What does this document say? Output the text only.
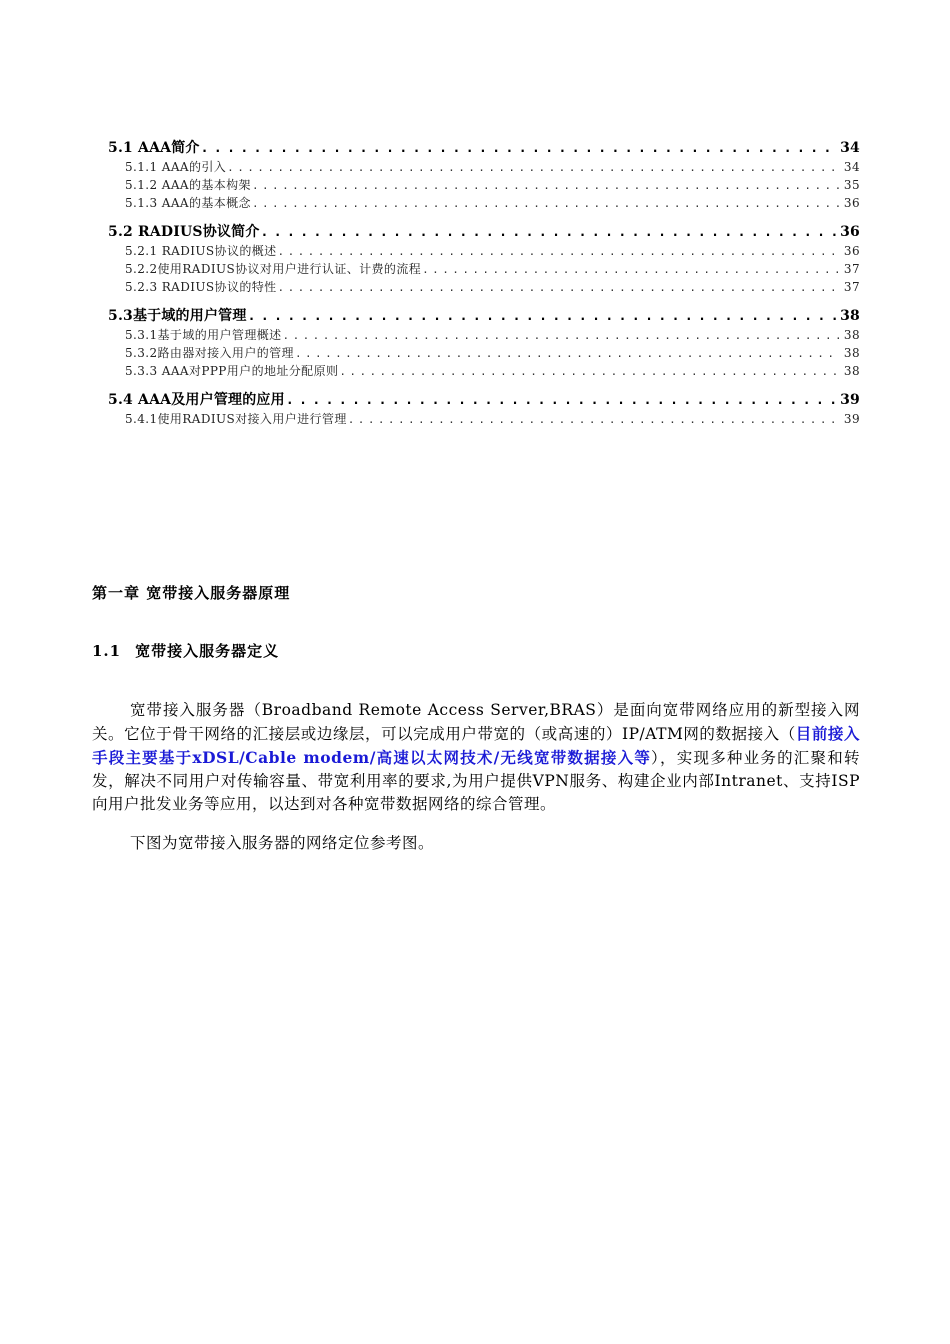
5.1 AAA简介 . . .	34
5.1.1 AAA的引入 . . .	34
5.1.2 AAA的基本构架 . . .	35
5.1.3 AAA的基本概念 . . .	36
5.2 RADIUS协议简介 . . .	36
5.2.1 RADIUS协议的概述 . . .	36
5.2.2使用RADIUS协议对用户进行认证、计费的流程 . . .	37
5.2.3 RADIUS协议的特性 . . .	37
5.3基于域的用户管理 . . .	38
5.3.1基于域的用户管理概述 . . .	38
5.3.2路由器对接入用户的管理 . . .	38
5.3.3 AAA对PPP用户的地址分配原则 . . .	38
5.4 AAA及用户管理的应用 . . .	39
5.4.1使用RADIUS对接入用户进行管理 . . .	39
第一章 宽带接入服务器原理
1.1 宽带接入服务器定义

宽带接入服务器（Broadband Remote Access Server,BRAS）是面向宽带网络应用的新型接入网关。它位于骨干网络的汇接层或边缘层，可以完成用户带宽的（或高速的）IP/ATM网的数据接入（目前接入手段主要基于xDSL/Cable modem/高速以太网技术/无线宽带数据接入等），实现多种业务的汇聚和转发，解决不同用户对传输容量、带宽利用率的要求,为用户提供VPN服务、构建企业内部Intranet、支持ISP向用户批发业务等应用，以达到对各种宽带数据网络的综合管理。

下图为宽带接入服务器的网络定位参考图。
